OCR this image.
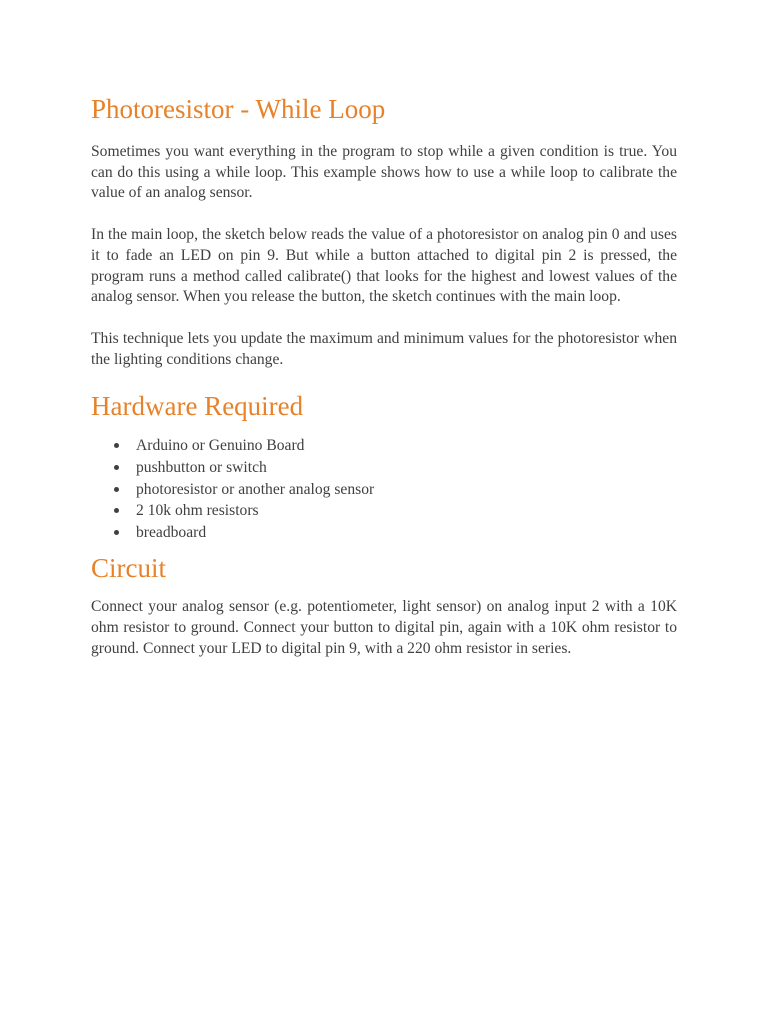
Photoresistor - While Loop

Sometimes you want everything in the program to stop while a given condition is true. You can do this using a while loop. This example shows how to use a while loop to calibrate the value of an analog sensor.

In the main loop, the sketch below reads the value of a photoresistor on analog pin 0 and uses it to fade an LED on pin 9. But while a button attached to digital pin 2 is pressed, the program runs a method called calibrate() that looks for the highest and lowest values of the analog sensor. When you release the button, the sketch continues with the main loop.

This technique lets you update the maximum and minimum values for the photoresistor when the lighting conditions change.

Hardware Required
Arduino or Genuino Board
pushbutton or switch
photoresistor or another analog sensor
2 10k ohm resistors
breadboard
Circuit

Connect your analog sensor (e.g. potentiometer, light sensor) on analog input 2 with a 10K ohm resistor to ground. Connect your button to digital pin, again with a 10K ohm resistor to ground. Connect your LED to digital pin 9, with a 220 ohm resistor in series.
